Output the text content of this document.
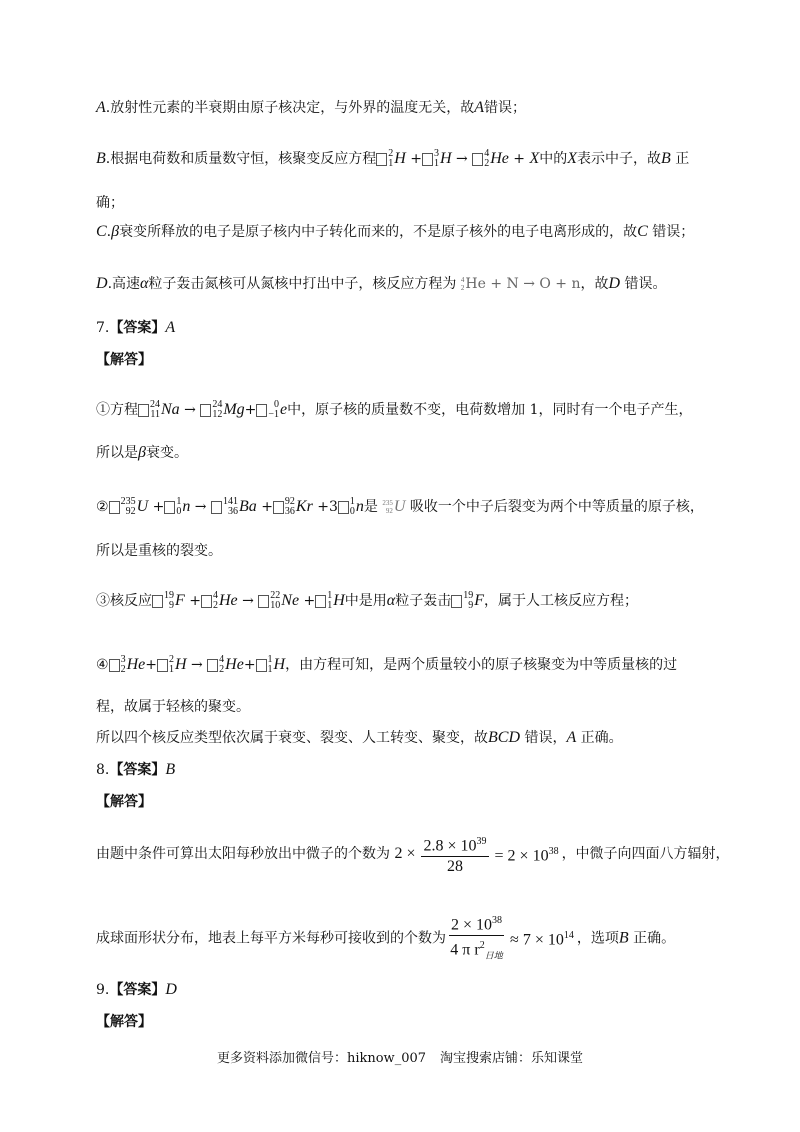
A.放射性元素的半衰期由原子核决定，与外界的温度无关，故A错误；
B.根据电荷数和质量数守恒，核聚变反应方程 2
1 H + 3
1 H → 4
2 He + X中的X表示中子，故B 正
确；
C.β衰变所释放的电子是原子核内中子转化而来的，不是原子核外的电子电离形成的，故C 错误；
D.高速α粒子轰击氮核可从氮核中打出中子，核反应方程为 4
2 He + N → O + n，故D 错误。
7.【答案】A
【解答】
①方程 24
11 Na → 24
12 Mg+	0
−1 e中，原子核的质量数不变，电荷数增加 1，同时有一个电子产生，
所以是β衰变。
② 235
92 U + 1
0 n → 141
36 Ba + 92
36 Kr +3 1
0 n是 235
92 U 吸收一个中子后裂变为两个中等质量的原子核，
所以是重核的裂变。
③核反应 19
9 F + 4
2 He → 22
10 Ne + 1
1 H中是用α粒子轰击 19
9 F，属于人工核反应方程；
④ 3
2 He+ 2
1 H → 4
2 He+ 1
1 H，由方程可知，是两个质量较小的原子核聚变为中等质量核的过
程，故属于轻核的聚变。
所以四个核反应类型依次属于衰变、裂变、人工转变、聚变，故BCD 错误，A 正确。
8.【答案】B
【解答】
由题中条件可算出太阳每秒放出中微子的个数为 $2 \times \frac{2.8 \times 10^{39}}{28} = 2 \times 10^{38}$ ，中微子向四面八方辐射，
成球面形状分布，地表上每平方米每秒可接收到的个数为 $\frac{2 \times 10^{38}}{4 \pi r^2_{日地}} \approx 7 \times 10^{14}$ ，选项B 正确。
9.【答案】D
【解答】
更多资料添加微信号：hiknow_007 淘宝搜索店铺：乐知课堂
